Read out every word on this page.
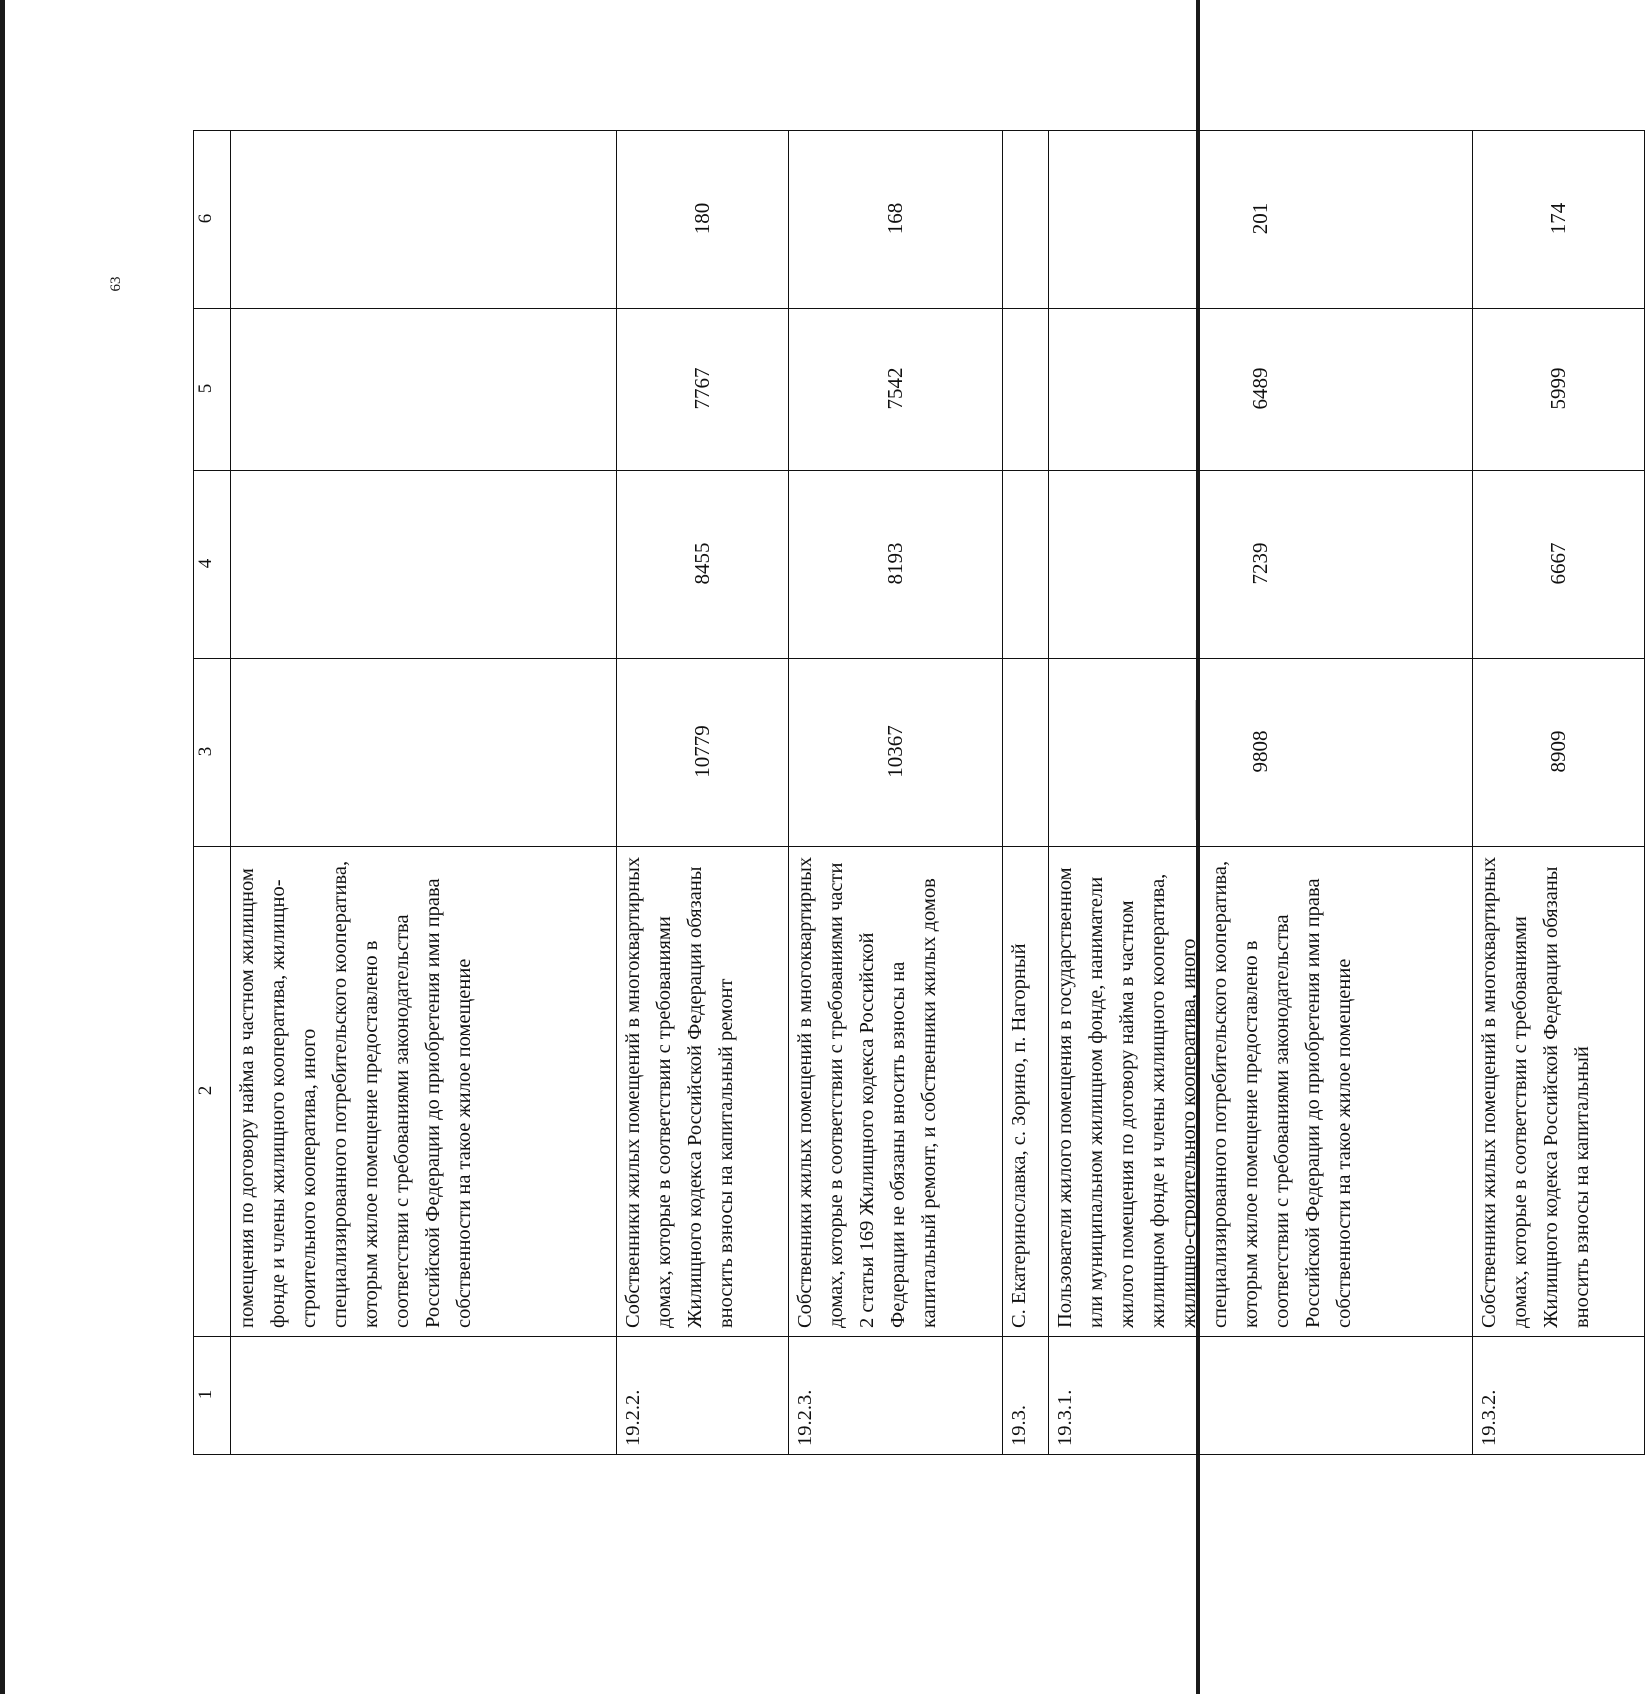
63
1	2	3	4	5	6
	помещения по договору найма в частном жилищном фонде и члены жилищного кооператива, жилищно-строительного кооператива, иного специализированного потребительского кооператива, которым жилое помещение предоставлено в соответствии с требованиями законодательства Российской Федерации до приобретения ими права собственности на такое жилое помещение				
19.2.2.	Собственники жилых помещений в многоквартирных домах, которые в соответствии с требованиями Жилищного кодекса Российской Федерации обязаны вносить взносы на капитальный ремонт	10779	8455	7767	180
19.2.3.	Собственники жилых помещений в многоквартирных домах, которые в соответствии с требованиями части 2 статьи 169 Жилищного кодекса Российской Федерации не обязаны вносить взносы на капитальный ремонт, и собственники жилых домов	10367	8193	7542	168
19.3.	С. Екатеринославка, с. Зорино, п. Нагорный				
19.3.1.	Пользователи жилого помещения в государственном или муниципальном жилищном фонде, наниматели жилого помещения по договору найма в частном жилищном фонде и члены жилищного кооператива, жилищно-строительного кооператива, иного специализированного потребительского кооператива, которым жилое помещение предоставлено в соответствии с требованиями законодательства Российской Федерации до приобретения ими права собственности на такое жилое помещение	9808	7239	6489	201
19.3.2.	Собственники жилых помещений в многоквартирных домах, которые в соответствии с требованиями Жилищного кодекса Российской Федерации обязаны вносить взносы на капитальный	8909	6667	5999	174
